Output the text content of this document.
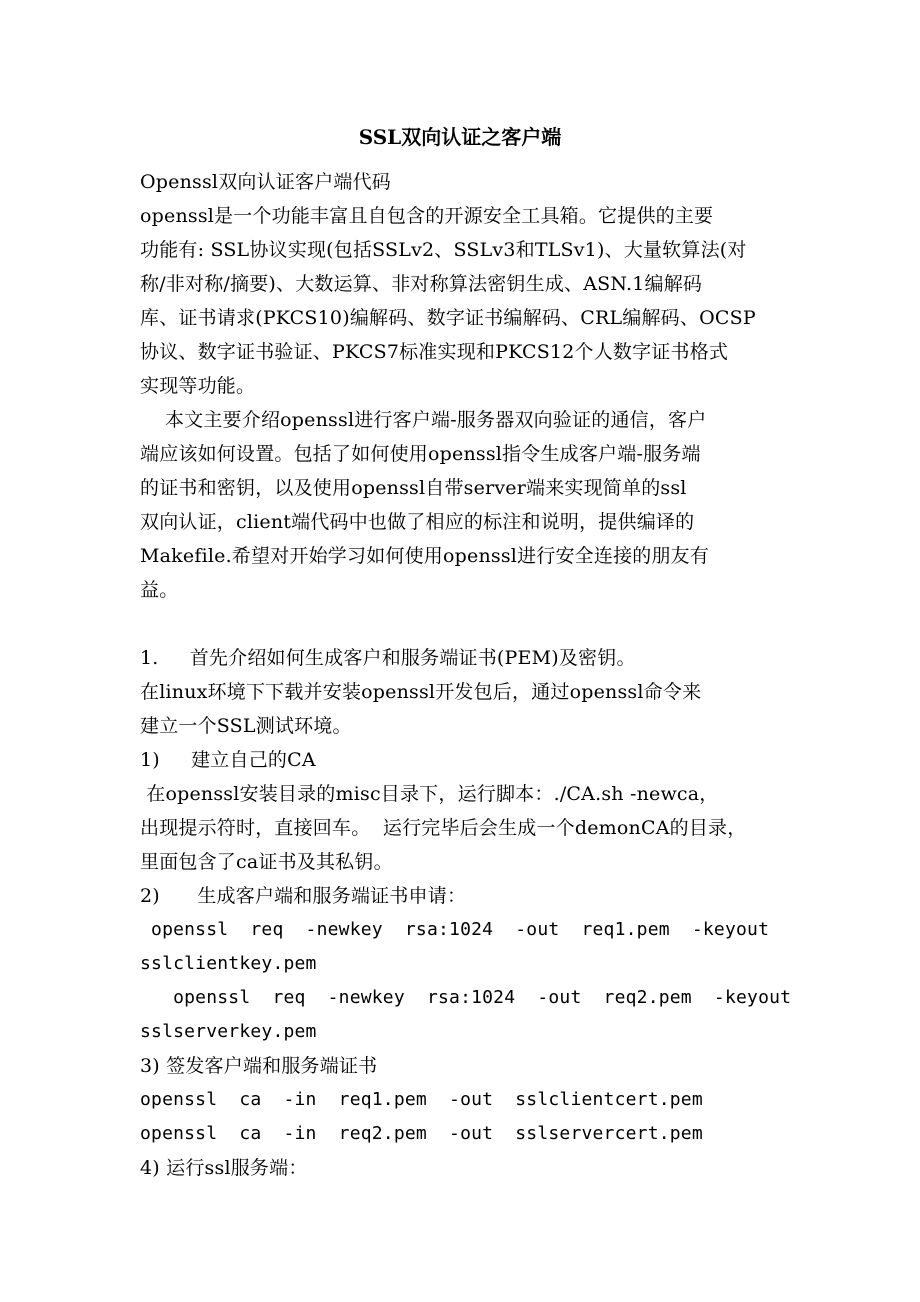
SSL双向认证之客户端
Openssl双向认证客户端代码
openssl是一个功能丰富且自包含的开源安全工具箱。它提供的主要
功能有: SSL协议实现(包括SSLv2、SSLv3和TLSv1)、大量软算法(对
称/非对称/摘要)、大数运算、非对称算法密钥生成、ASN.1编解码
库、证书请求(PKCS10)编解码、数字证书编解码、CRL编解码、OCSP
协议、数字证书验证、PKCS7标准实现和PKCS12个人数字证书格式
实现等功能。
本文主要介绍openssl进行客户端-服务器双向验证的通信，客户
端应该如何设置。包括了如何使用openssl指令生成客户端-服务端
的证书和密钥，以及使用openssl自带server端来实现简单的ssl
双向认证，client端代码中也做了相应的标注和说明，提供编译的
Makefile.希望对开始学习如何使用openssl进行安全连接的朋友有
益。
1.     首先介绍如何生成客户和服务端证书(PEM)及密钥。
在linux环境下下载并安装openssl开发包后，通过openssl命令来
建立一个SSL测试环境。
1)     建立自己的CA
在openssl安装目录的misc目录下，运行脚本：./CA.sh -newca，
出现提示符时，直接回车。  运行完毕后会生成一个demonCA的目录，
里面包含了ca证书及其私钥。
2)      生成客户端和服务端证书申请：
openssl  req  -newkey  rsa:1024  -out  req1.pem  -keyout
sslclientkey.pem
openssl  req  -newkey  rsa:1024  -out  req2.pem  -keyout
sslserverkey.pem
3) 签发客户端和服务端证书
openssl  ca  -in  req1.pem  -out  sslclientcert.pem
openssl  ca  -in  req2.pem  -out  sslservercert.pem
4) 运行ssl服务端：
